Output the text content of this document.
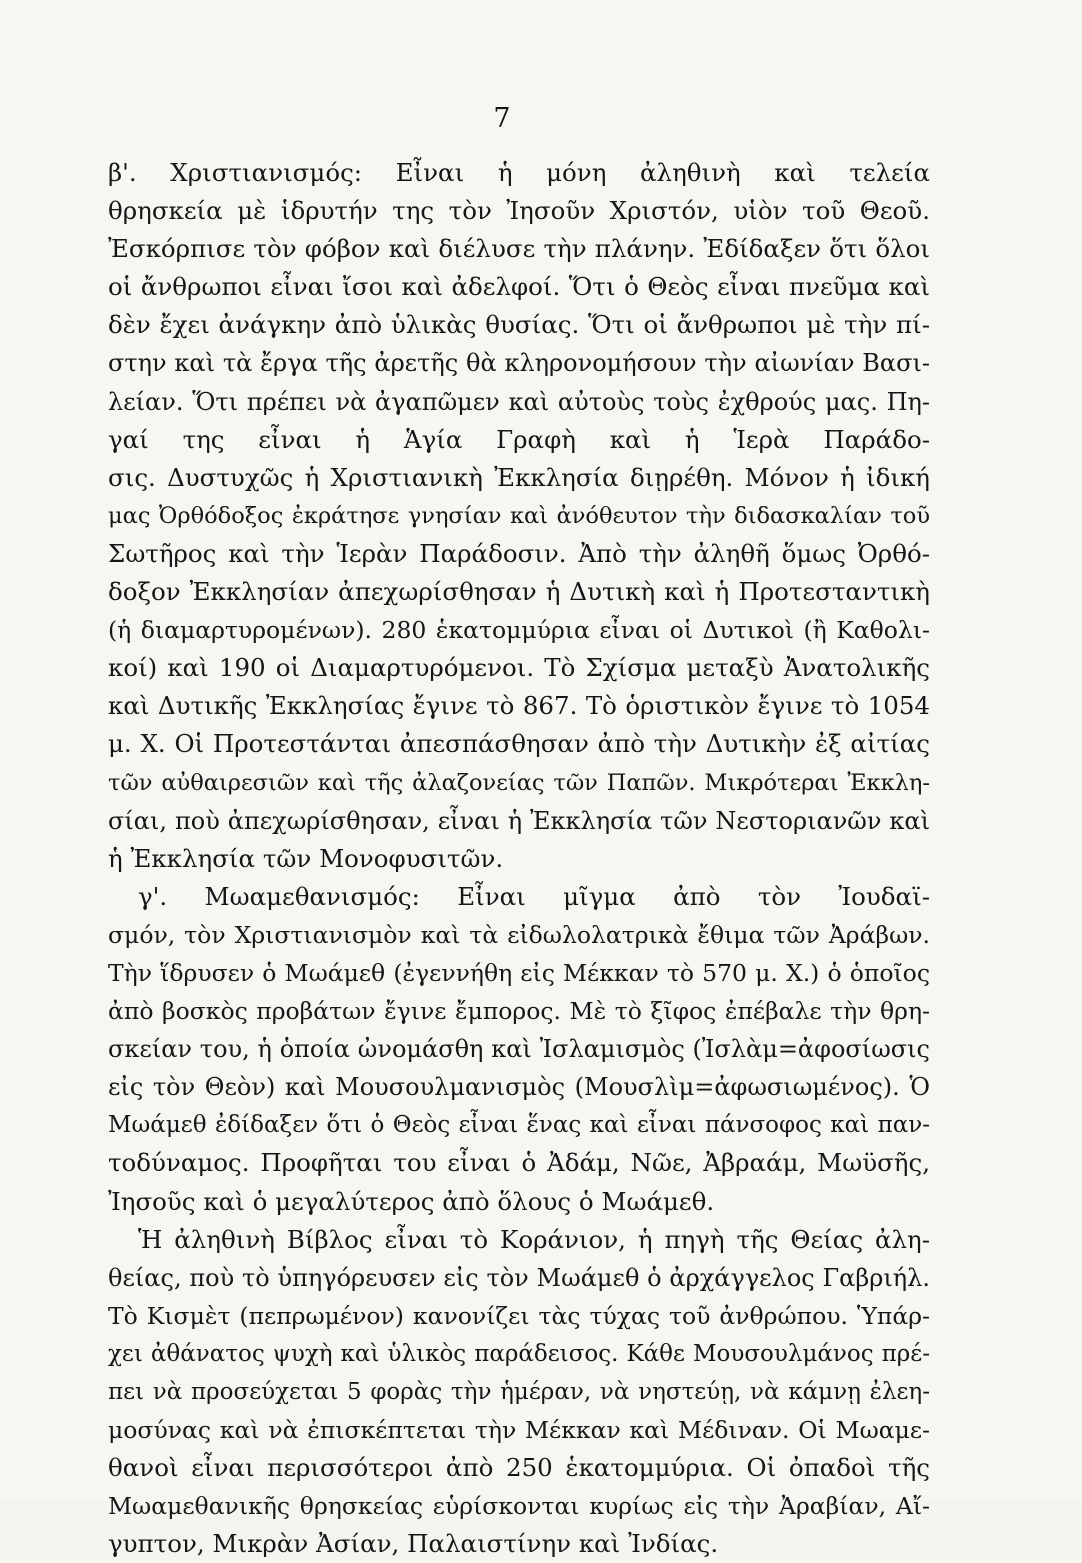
7
β'. Χριστιανισμός: Εἶναι ἡ μόνη ἀληθινὴ καὶ τελεία
θρησκεία μὲ ἱδρυτήν της τὸν Ἰησοῦν Χριστόν, υἱὸν τοῦ Θεοῦ.
Ἐσκόρπισε τὸν φόβον καὶ διέλυσε τὴν πλάνην. Ἐδίδαξεν ὅτι ὅλοι
οἱ ἄνθρωποι εἶναι ἴσοι καὶ ἀδελφοί. Ὅτι ὁ Θεὸς εἶναι πνεῦμα καὶ
δὲν ἔχει ἀνάγκην ἀπὸ ὑλικὰς θυσίας. Ὅτι οἱ ἄνθρωποι μὲ τὴν πί-
στην καὶ τὰ ἔργα τῆς ἀρετῆς θὰ κληρονομήσουν τὴν αἰωνίαν Βασι-
λείαν. Ὅτι πρέπει νὰ ἀγαπῶμεν καὶ αὐτοὺς τοὺς ἐχθρούς μας. Πη-
γαί της εἶναι ἡ Ἁγία Γραφὴ καὶ ἡ Ἱερὰ Παράδο-
σις. Δυστυχῶς ἡ Χριστιανικὴ Ἐκκλησία διῃρέθη. Μόνον ἡ ἰδική
μας Ὀρθόδοξος ἐκράτησε γνησίαν καὶ ἀνόθευτον τὴν διδασκαλίαν τοῦ
Σωτῆρος καὶ τὴν Ἱερὰν Παράδοσιν. Ἀπὸ τὴν ἀληθῆ ὅμως Ὀρθό-
δοξον Ἐκκλησίαν ἀπεχωρίσθησαν ἡ Δυτικὴ καὶ ἡ Προτεσταντικὴ
(ἡ διαμαρτυρομένων). 280 ἑκατομμύρια εἶναι οἱ Δυτικοὶ (ἢ Καθολι-
κοί) καὶ 190 οἱ Διαμαρτυρόμενοι. Τὸ Σχίσμα μεταξὺ Ἀνατολικῆς
καὶ Δυτικῆς Ἐκκλησίας ἔγινε τὸ 867. Τὸ ὁριστικὸν ἔγινε τὸ 1054
μ. Χ. Οἱ Προτεστάνται ἀπεσπάσθησαν ἀπὸ τὴν Δυτικὴν ἐξ αἰτίας
τῶν αὐθαιρεσιῶν καὶ τῆς ἀλαζονείας τῶν Παπῶν. Μικρότεραι Ἐκκλη-
σίαι, ποὺ ἀπεχωρίσθησαν, εἶναι ἡ Ἐκκλησία τῶν Νεστοριανῶν καὶ
ἡ Ἐκκλησία τῶν Μονοφυσιτῶν.
γ'. Μωαμεθανισμός: Εἶναι μῖγμα ἀπὸ τὸν Ἰουδαϊ-
σμόν, τὸν Χριστιανισμὸν καὶ τὰ εἰδωλολατρικὰ ἔθιμα τῶν Ἀράβων.
Τὴν ἵδρυσεν ὁ Μωάμεθ (ἐγεννήθη εἰς Μέκκαν τὸ 570 μ. Χ.) ὁ ὁποῖος
ἀπὸ βοσκὸς προβάτων ἔγινε ἔμπορος. Μὲ τὸ ξῖφος ἐπέβαλε τὴν θρη-
σκείαν του, ἡ ὁποία ὠνομάσθη καὶ Ἰσλαμισμὸς (Ἰσλὰμ=ἀφοσίωσις
εἰς τὸν Θεὸν) καὶ Μουσουλμανισμὸς (Μουσλὶμ=ἀφωσιωμένος). Ὁ
Μωάμεθ ἐδίδαξεν ὅτι ὁ Θεὸς εἶναι ἕνας καὶ εἶναι πάνσοφος καὶ παν-
τοδύναμος. Προφῆται του εἶναι ὁ Ἀδάμ, Νῶε, Ἀβραάμ, Μωϋσῆς,
Ἰησοῦς καὶ ὁ μεγαλύτερος ἀπὸ ὅλους ὁ Μωάμεθ.
Ἡ ἀληθινὴ Βίβλος εἶναι τὸ Κοράνιον, ἡ πηγὴ τῆς Θείας ἀλη-
θείας, ποὺ τὸ ὑπηγόρευσεν εἰς τὸν Μωάμεθ ὁ ἀρχάγγελος Γαβριήλ.
Τὸ Κισμὲτ (πεπρωμένον) κανονίζει τὰς τύχας τοῦ ἀνθρώπου. Ὑπάρ-
χει ἀθάνατος ψυχὴ καὶ ὑλικὸς παράδεισος. Κάθε Μουσουλμάνος πρέ-
πει νὰ προσεύχεται 5 φορὰς τὴν ἡμέραν, νὰ νηστεύῃ, νὰ κάμνῃ ἐλεη-
μοσύνας καὶ νὰ ἐπισκέπτεται τὴν Μέκκαν καὶ Μέδιναν. Οἱ Μωαμε-
θανοὶ εἶναι περισσότεροι ἀπὸ 250 ἑκατομμύρια. Οἱ ὀπαδοὶ τῆς
Μωαμεθανικῆς θρησκείας εὑρίσκονται κυρίως εἰς τὴν Ἀραβίαν, Αἴ-
γυπτον, Μικρὰν Ἀσίαν, Παλαιστίνην καὶ Ἰνδίας.
